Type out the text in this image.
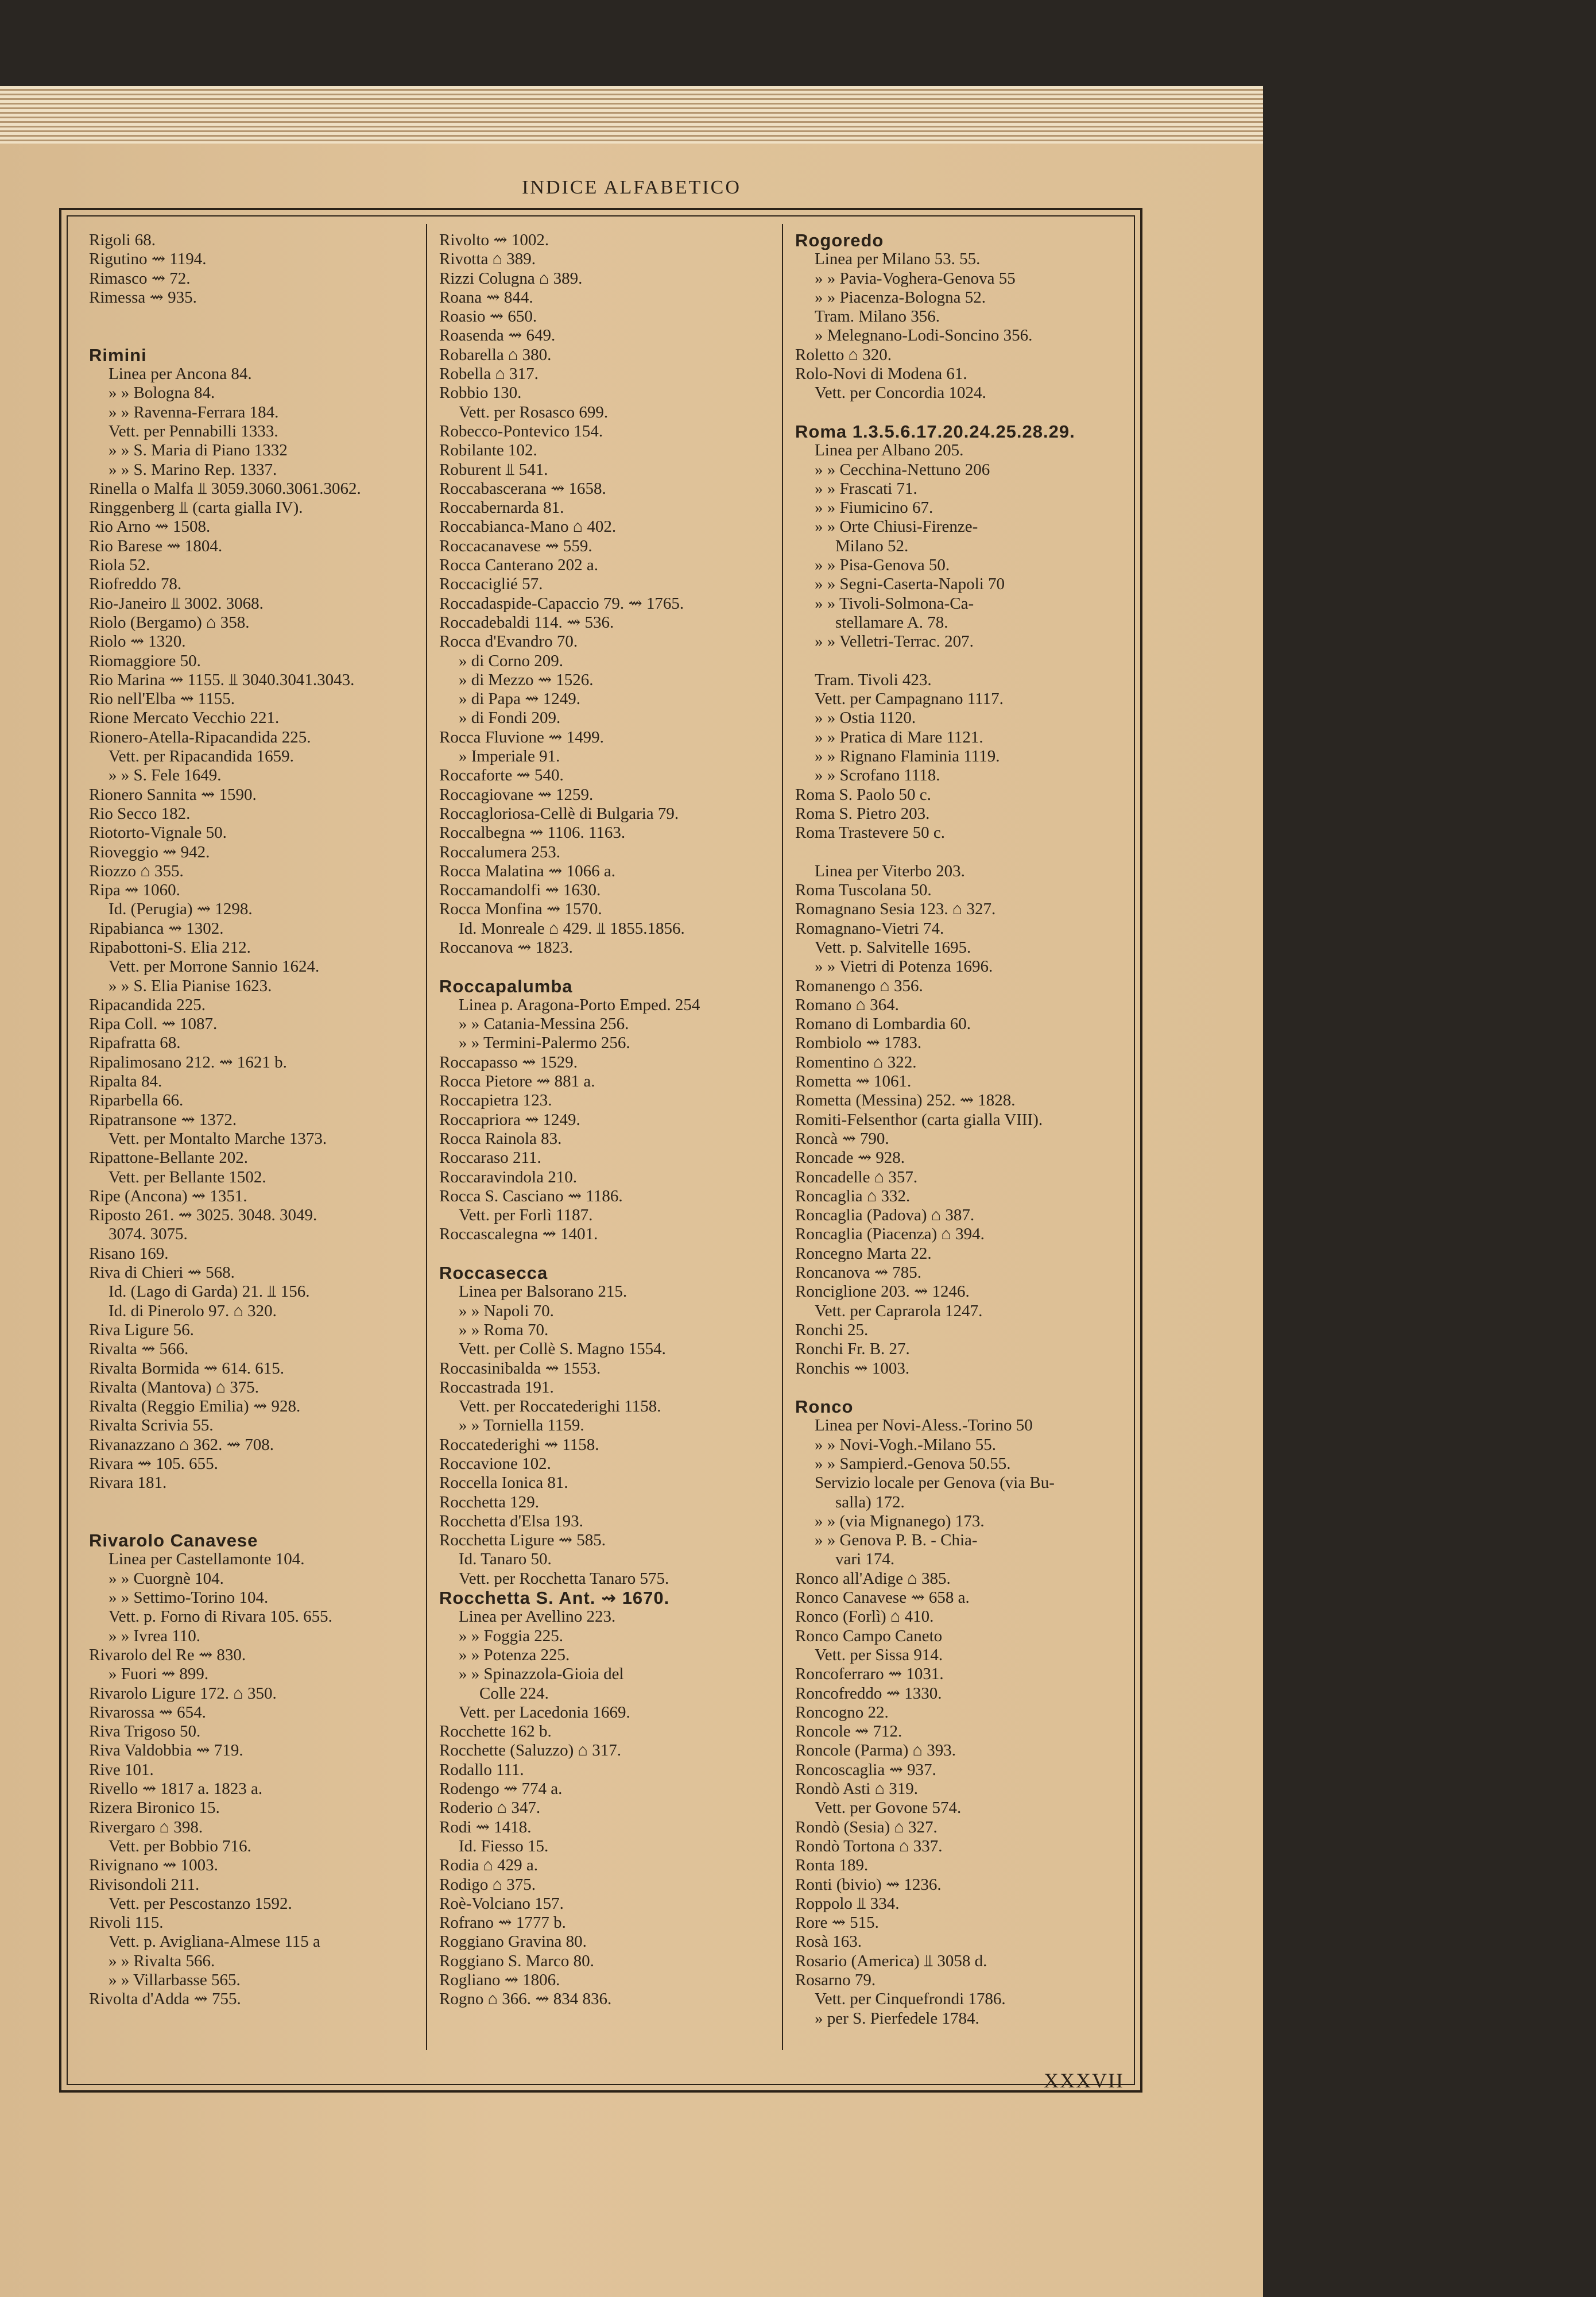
INDICE ALFABETICO
Rigoli 68.
Rigutino ⇝ 1194.
Rimasco ⇝ 72.
Rimessa ⇝ 935.
Rimini
Linea per Ancona 84.
» » Bologna 84.
» » Ravenna-Ferrara 184.
Vett. per Pennabilli 1333.
» » S. Maria di Piano 1332
» » S. Marino Rep. 1337.
Rinella o Malfa ⫫ 3059.3060.3061.3062.
Ringgenberg ⫫ (carta gialla IV).
Rio Arno ⇝ 1508.
Rio Barese ⇝ 1804.
Riola 52.
Riofreddo 78.
Rio-Janeiro ⫫ 3002. 3068.
Riolo (Bergamo) ⌂ 358.
Riolo ⇝ 1320.
Riomaggiore 50.
Rio Marina ⇝ 1155. ⫫ 3040.3041.3043.
Rio nell'Elba ⇝ 1155.
Rione Mercato Vecchio 221.
Rionero-Atella-Ripacandida 225.
Vett. per Ripacandida 1659.
» » S. Fele 1649.
Rionero Sannita ⇝ 1590.
Rio Secco 182.
Riotorto-Vignale 50.
Rioveggio ⇝ 942.
Riozzo ⌂ 355.
Ripa ⇝ 1060.
Id. (Perugia) ⇝ 1298.
Ripabianca ⇝ 1302.
Ripabottoni-S. Elia 212.
Vett. per Morrone Sannio 1624.
» » S. Elia Pianise 1623.
Ripacandida 225.
Ripa Coll. ⇝ 1087.
Ripafratta 68.
Ripalimosano 212. ⇝ 1621 b.
Ripalta 84.
Riparbella 66.
Ripatransone ⇝ 1372.
Vett. per Montalto Marche 1373.
Ripattone-Bellante 202.
Vett. per Bellante 1502.
Ripe (Ancona) ⇝ 1351.
Riposto 261. ⇝ 3025. 3048. 3049.
3074. 3075.
Risano 169.
Riva di Chieri ⇝ 568.
Id. (Lago di Garda) 21. ⫫ 156.
Id. di Pinerolo 97. ⌂ 320.
Riva Ligure 56.
Rivalta ⇝ 566.
Rivalta Bormida ⇝ 614. 615.
Rivalta (Mantova) ⌂ 375.
Rivalta (Reggio Emilia) ⇝ 928.
Rivalta Scrivia 55.
Rivanazzano ⌂ 362. ⇝ 708.
Rivara ⇝ 105. 655.
Rivara 181.
Rivarolo Canavese
Linea per Castellamonte 104.
» » Cuorgnè 104.
» » Settimo-Torino 104.
Vett. p. Forno di Rivara 105. 655.
» » Ivrea 110.
Rivarolo del Re ⇝ 830.
» Fuori ⇝ 899.
Rivarolo Ligure 172. ⌂ 350.
Rivarossa ⇝ 654.
Riva Trigoso 50.
Riva Valdobbia ⇝ 719.
Rive 101.
Rivello ⇝ 1817 a. 1823 a.
Rizera Bironico 15.
Rivergaro ⌂ 398.
Vett. per Bobbio 716.
Rivignano ⇝ 1003.
Rivisondoli 211.
Vett. per Pescostanzo 1592.
Rivoli 115.
Vett. p. Avigliana-Almese 115 a
» » Rivalta 566.
» » Villarbasse 565.
Rivolta d'Adda ⇝ 755.
Rivolto ⇝ 1002.
Rivotta ⌂ 389.
Rizzi Colugna ⌂ 389.
Roana ⇝ 844.
Roasio ⇝ 650.
Roasenda ⇝ 649.
Robarella ⌂ 380.
Robella ⌂ 317.
Robbio 130.
Vett. per Rosasco 699.
Robecco-Pontevico 154.
Robilante 102.
Roburent ⫫ 541.
Roccabascerana ⇝ 1658.
Roccabernarda 81.
Roccabianca-Mano ⌂ 402.
Roccacanavese ⇝ 559.
Rocca Canterano 202 a.
Roccaciglié 57.
Roccadaspide-Capaccio 79. ⇝ 1765.
Roccadebaldi 114. ⇝ 536.
Rocca d'Evandro 70.
» di Corno 209.
» di Mezzo ⇝ 1526.
» di Papa ⇝ 1249.
» di Fondi 209.
Rocca Fluvione ⇝ 1499.
» Imperiale 91.
Roccaforte ⇝ 540.
Roccagiovane ⇝ 1259.
Roccagloriosa-Cellè di Bulgaria 79.
Roccalbegna ⇝ 1106. 1163.
Roccalumera 253.
Rocca Malatina ⇝ 1066 a.
Roccamandolfi ⇝ 1630.
Rocca Monfina ⇝ 1570.
Id. Monreale ⌂ 429. ⫫ 1855.1856.
Roccanova ⇝ 1823.
Roccapalumba
Linea p. Aragona-Porto Emped. 254
» » Catania-Messina 256.
» » Termini-Palermo 256.
Roccapasso ⇝ 1529.
Rocca Pietore ⇝ 881 a.
Roccapietra 123.
Roccapriora ⇝ 1249.
Rocca Rainola 83.
Roccaraso 211.
Roccaravindola 210.
Rocca S. Casciano ⇝ 1186.
Vett. per Forlì 1187.
Roccascalegna ⇝ 1401.
Roccasecca
Linea per Balsorano 215.
» » Napoli 70.
» » Roma 70.
Vett. per Collè S. Magno 1554.
Roccasinibalda ⇝ 1553.
Roccastrada 191.
Vett. per Roccatederighi 1158.
» » Torniella 1159.
Roccatederighi ⇝ 1158.
Roccavione 102.
Roccella Ionica 81.
Rocchetta 129.
Rocchetta d'Elsa 193.
Rocchetta Ligure ⇝ 585.
Id. Tanaro 50.
Vett. per Rocchetta Tanaro 575.
Rocchetta S. Ant. ⇝ 1670.
Linea per Avellino 223.
» » Foggia 225.
» » Potenza 225.
» » Spinazzola-Gioia del
Colle 224.
Vett. per Lacedonia 1669.
Rocchette 162 b.
Rocchette (Saluzzo) ⌂ 317.
Rodallo 111.
Rodengo ⇝ 774 a.
Roderio ⌂ 347.
Rodi ⇝ 1418.
Id. Fiesso 15.
Rodia ⌂ 429 a.
Rodigo ⌂ 375.
Roè-Volciano 157.
Rofrano ⇝ 1777 b.
Roggiano Gravina 80.
Roggiano S. Marco 80.
Rogliano ⇝ 1806.
Rogno ⌂ 366. ⇝ 834 836.
Rogoredo
Linea per Milano 53. 55.
» » Pavia-Voghera-Genova 55
» » Piacenza-Bologna 52.
Tram. Milano 356.
» Melegnano-Lodi-Soncino 356.
Roletto ⌂ 320.
Rolo-Novi di Modena 61.
Vett. per Concordia 1024.
Roma 1.3.5.6.17.20.24.25.28.29.
Linea per Albano 205.
» » Cecchina-Nettuno 206
» » Frascati 71.
» » Fiumicino 67.
» » Orte Chiusi-Firenze-
Milano 52.
» » Pisa-Genova 50.
» » Segni-Caserta-Napoli 70
» » Tivoli-Solmona-Ca-
stellamare A. 78.
» » Velletri-Terrac. 207.
Tram. Tivoli 423.
Vett. per Campagnano 1117.
» » Ostia 1120.
» » Pratica di Mare 1121.
» » Rignano Flaminia 1119.
» » Scrofano 1118.
Roma S. Paolo 50 c.
Roma S. Pietro 203.
Roma Trastevere 50 c.
Linea per Viterbo 203.
Roma Tuscolana 50.
Romagnano Sesia 123. ⌂ 327.
Romagnano-Vietri 74.
Vett. p. Salvitelle 1695.
» » Vietri di Potenza 1696.
Romanengo ⌂ 356.
Romano ⌂ 364.
Romano di Lombardia 60.
Rombiolo ⇝ 1783.
Romentino ⌂ 322.
Rometta ⇝ 1061.
Rometta (Messina) 252. ⇝ 1828.
Romiti-Felsenthor (carta gialla VIII).
Roncà ⇝ 790.
Roncade ⇝ 928.
Roncadelle ⌂ 357.
Roncaglia ⌂ 332.
Roncaglia (Padova) ⌂ 387.
Roncaglia (Piacenza) ⌂ 394.
Roncegno Marta 22.
Roncanova ⇝ 785.
Ronciglione 203. ⇝ 1246.
Vett. per Caprarola 1247.
Ronchi 25.
Ronchi Fr. B. 27.
Ronchis ⇝ 1003.
Ronco
Linea per Novi-Aless.-Torino 50
» » Novi-Vogh.-Milano 55.
» » Sampierd.-Genova 50.55.
Servizio locale per Genova (via Bu-
salla) 172.
» » (via Mignanego) 173.
» » Genova P. B. - Chia-
vari 174.
Ronco all'Adige ⌂ 385.
Ronco Canavese ⇝ 658 a.
Ronco (Forlì) ⌂ 410.
Ronco Campo Caneto
Vett. per Sissa 914.
Roncoferraro ⇝ 1031.
Roncofreddo ⇝ 1330.
Roncogno 22.
Roncole ⇝ 712.
Roncole (Parma) ⌂ 393.
Roncoscaglia ⇝ 937.
Rondò Asti ⌂ 319.
Vett. per Govone 574.
Rondò (Sesia) ⌂ 327.
Rondò Tortona ⌂ 337.
Ronta 189.
Ronti (bivio) ⇝ 1236.
Roppolo ⫫ 334.
Rore ⇝ 515.
Rosà 163.
Rosario (America) ⫫ 3058 d.
Rosarno 79.
Vett. per Cinquefrondi 1786.
» per S. Pierfedele 1784.
XXXVII
